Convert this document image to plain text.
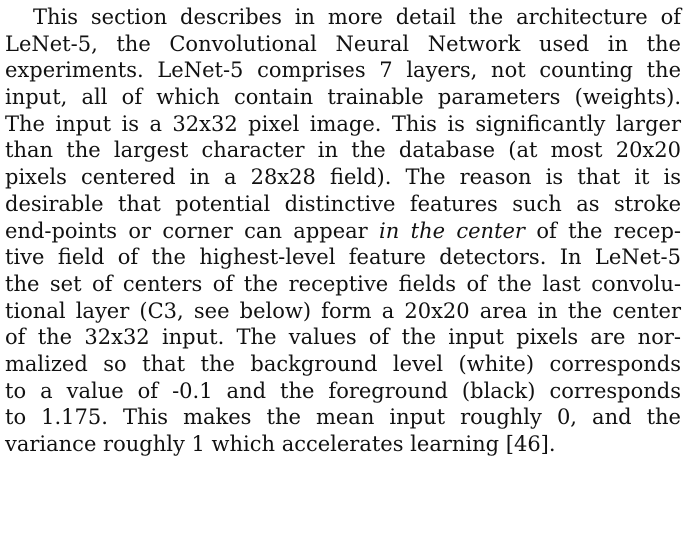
This section describes in more detail the architecture of
LeNet-5, the Convolutional Neural Network used in the
experiments. LeNet-5 comprises 7 layers, not counting the
input, all of which contain trainable parameters (weights).
The input is a 32x32 pixel image. This is significantly larger
than the largest character in the database (at most 20x20
pixels centered in a 28x28 field). The reason is that it is
desirable that potential distinctive features such as stroke
end-points or corner can appear in the center of the recep-
tive field of the highest-level feature detectors. In LeNet-5
the set of centers of the receptive fields of the last convolu-
tional layer (C3, see below) form a 20x20 area in the center
of the 32x32 input. The values of the input pixels are nor-
malized so that the background level (white) corresponds
to a value of -0.1 and the foreground (black) corresponds
to 1.175. This makes the mean input roughly 0, and the
variance roughly 1 which accelerates learning [46].
